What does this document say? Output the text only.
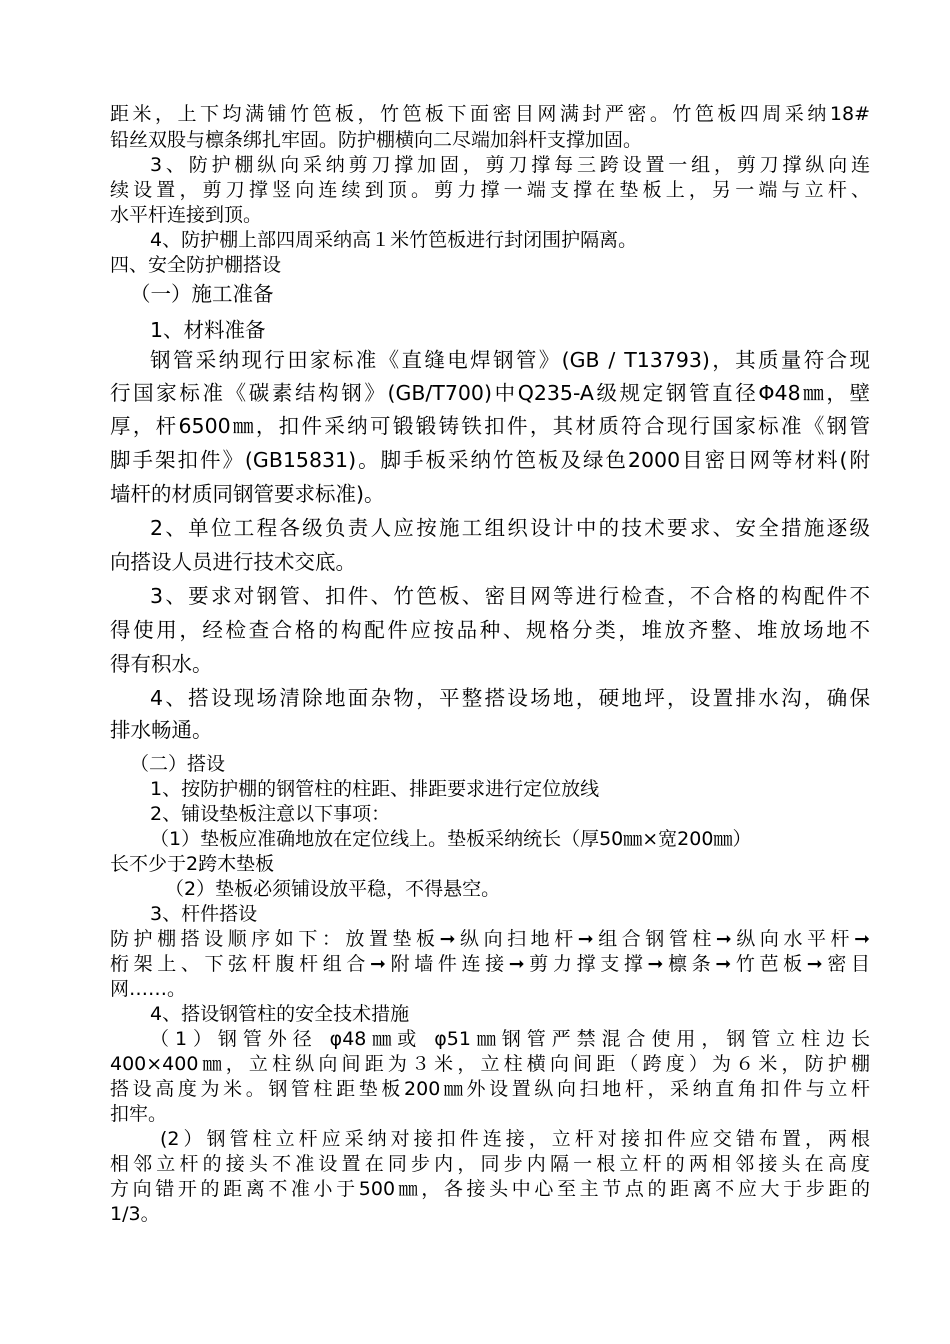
距米，上下均满铺竹笆板，竹笆板下面密目网满封严密。竹笆板四周采纳18#
铅丝双股与檩条绑扎牢固。防护棚横向二尽端加斜杆支撑加固。
3、防护棚纵向采纳剪刀撑加固，剪刀撑每三跨设置一组，剪刀撑纵向连
续设置，剪刀撑竖向连续到顶。剪力撑一端支撑在垫板上，另一端与立杆、
水平杆连接到顶。
4、防护棚上部四周采纳高１米竹笆板进行封闭围护隔离。
四、安全防护棚搭设
（一）施工准备
1、材料准备
钢管采纳现行田家标准《直缝电焊钢管》(GB / T13793)，其质量符合现
行国家标准《碳素结构钢》(GB/T700)中Q235-A级规定钢管直径Φ48㎜，壁
厚，杆6500㎜，扣件采纳可锻锻铸铁扣件，其材质符合现行国家标准《钢管
脚手架扣件》(GB15831)。脚手板采纳竹笆板及绿色2000目密日网等材料(附
墙杆的材质同钢管要求标准)。
2、单位工程各级负责人应按施工组织设计中的技术要求、安全措施逐级
向搭设人员进行技术交底。
3、要求对钢管、扣件、竹笆板、密目网等进行检查，不合格的构配件不
得使用，经检查合格的构配件应按品种、规格分类，堆放齐整、堆放场地不
得有积水。
4、搭设现场清除地面杂物，平整搭设场地，硬地坪，设置排水沟，确保
排水畅通。
（二）搭设
1、按防护棚的钢管柱的柱距、排距要求进行定位放线
2、铺设垫板注意以下事项：
（1）垫板应准确地放在定位线上。垫板采纳统长（厚50㎜×宽200㎜）
长不少于2跨木垫板
（2）垫板必须铺设放平稳，不得悬空。
3、杆件搭设
防护棚搭设顺序如下：放置垫板➞纵向扫地杆➞组合钢管柱➞纵向水平杆➞
桁架上、下弦杆腹杆组合➞附墙件连接➞剪力撑支撑➞檩条➞竹芭板➞密目
网……。
4、搭设钢管柱的安全技术措施
（1）钢管外径 φ48㎜或 φ51㎜钢管严禁混合使用，钢管立柱边长
400×400㎜，立柱纵向间距为３米，立柱横向间距（跨度）为６米，防护棚
搭设高度为米。钢管柱距垫板200㎜外设置纵向扫地杆，采纳直角扣件与立杆
扣牢。
(2）钢管柱立杆应采纳对接扣件连接，立杆对接扣件应交错布置，两根
相邻立杆的接头不准设置在同步内，同步内隔一根立杆的两相邻接头在高度
方向错开的距离不准小于500㎜，各接头中心至主节点的距离不应大于步距的
1/3。
